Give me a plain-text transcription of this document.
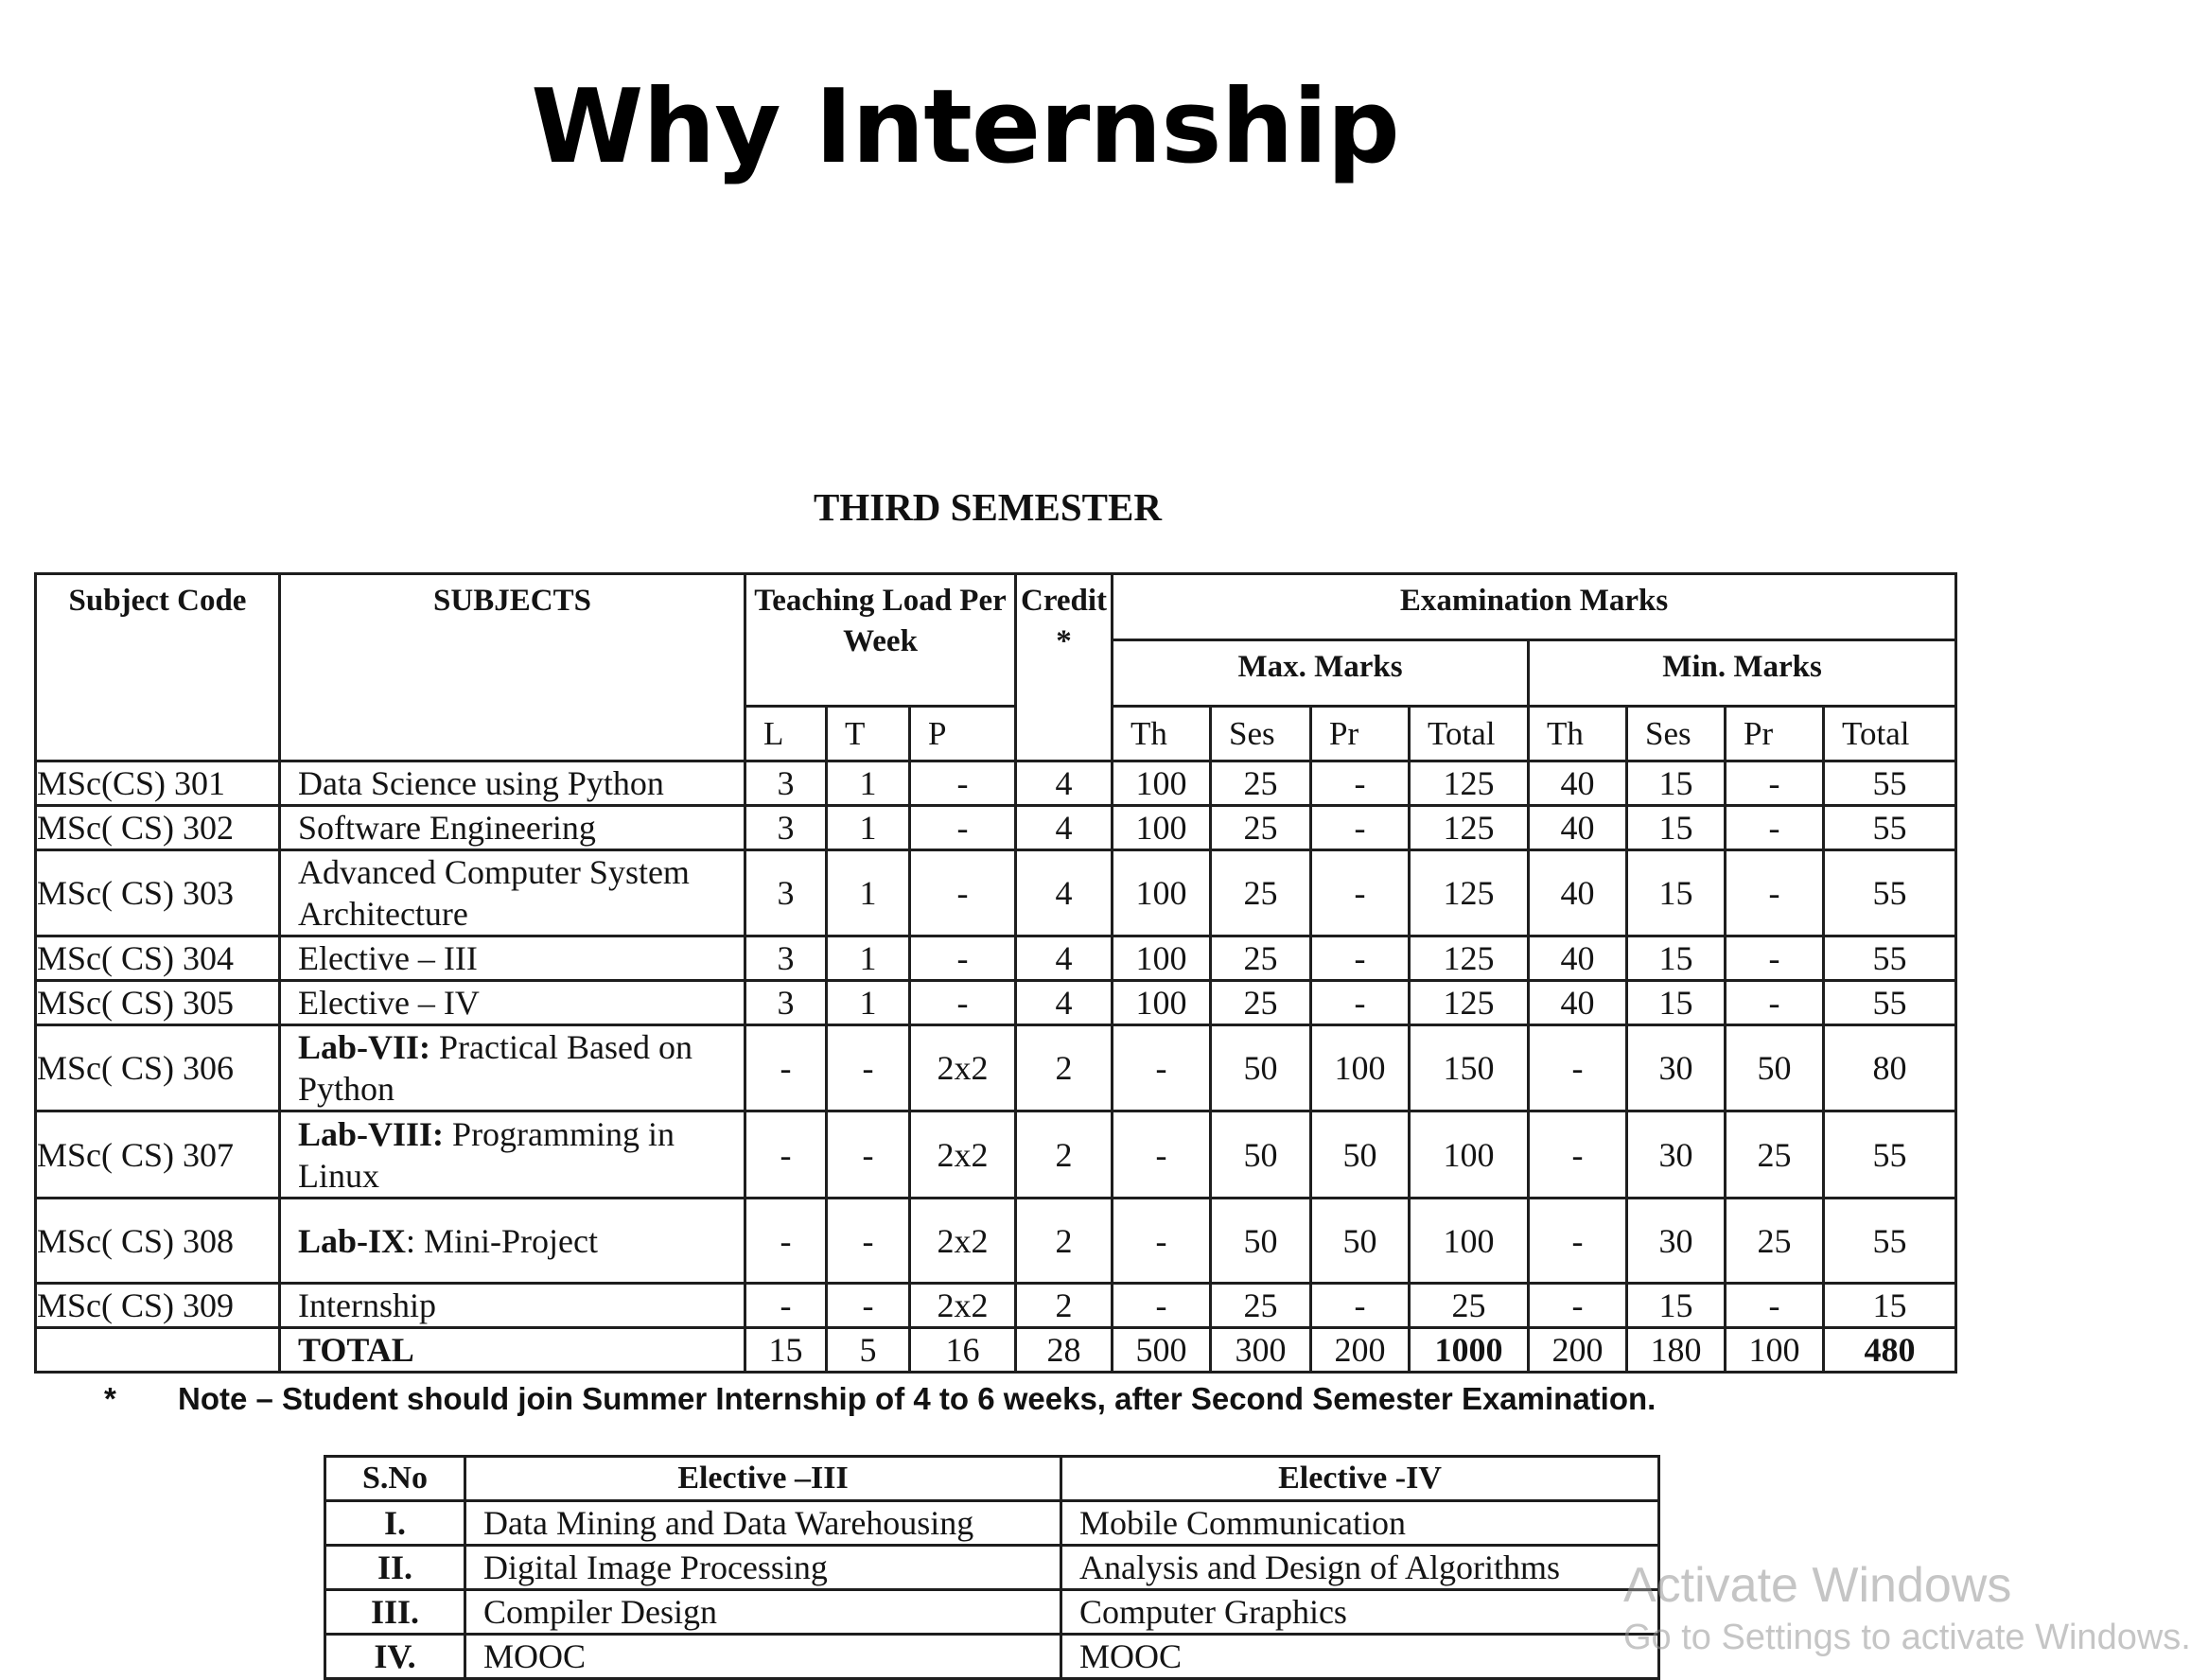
Why Internship
THIRD SEMESTER
Subject Code	SUBJECTS	Teaching Load Per Week			Credit *	Examination Marks							
						Max. Marks				Min. Marks			
		L	T	P		Th	Ses	Pr	Total	Th	Ses	Pr	Total
MSc(CS) 301	Data Science using Python	3	1	-	4	100	25	-	125	40	15	-	55
MSc( CS) 302	Software Engineering	3	1	-	4	100	25	-	125	40	15	-	55
MSc( CS) 303	Advanced Computer System Architecture	3	1	-	4	100	25	-	125	40	15	-	55
MSc( CS) 304	Elective – III	3	1	-	4	100	25	-	125	40	15	-	55
MSc( CS) 305	Elective – IV	3	1	-	4	100	25	-	125	40	15	-	55
MSc( CS) 306	Lab-VII: Practical Based on Python	-	-	2x2	2	-	50	100	150	-	30	50	80
MSc( CS) 307	Lab-VIII: Programming in Linux	-	-	2x2	2	-	50	50	100	-	30	25	55
MSc( CS) 308	Lab-IX: Mini-Project	-	-	2x2	2	-	50	50	100	-	30	25	55
MSc( CS) 309	Internship	-	-	2x2	2	-	25	-	25	-	15	-	15
	TOTAL	15	5	16	28	500	300	200	1000	200	180	100	480
*	Note – Student should join Summer Internship of 4 to 6 weeks, after Second Semester Examination.
S.No	Elective –III	Elective -IV
I.	Data Mining and Data Warehousing	Mobile Communication
II.	Digital Image Processing	Analysis and Design of Algorithms
III.	Compiler Design	Computer Graphics
IV.	MOOC	MOOC
Activate Windows
Go to Settings to activate Windows.
